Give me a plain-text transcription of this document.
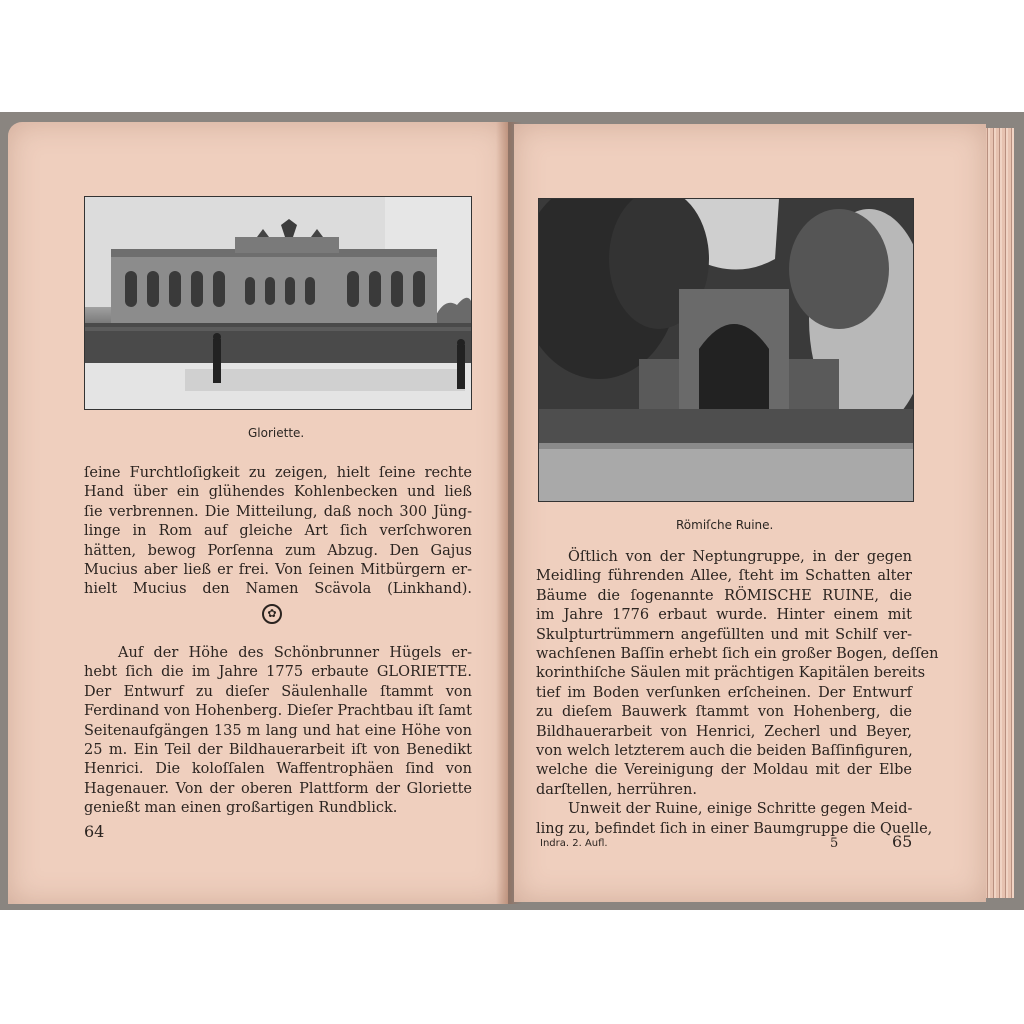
Gloriette.
ſeine Furchtloſigkeit zu zeigen, hielt ſeine rechte
Hand über ein glühendes Kohlenbecken und ließ
ſie verbrennen. Die Mitteilung, daß noch 300 Jüng-
linge in Rom auf gleiche Art ſich verſchworen
hätten, bewog Porſenna zum Abzug. Den Gajus
Mucius aber ließ er frei. Von ſeinen Mitbürgern er-
hielt Mucius den Namen Scävola (Linkhand).
✿
Auf der Höhe des Schönbrunner Hügels er-
hebt ſich die im Jahre 1775 erbaute GLORIETTE.
Der Entwurf zu dieſer Säulenhalle ſtammt von
Ferdinand von Hohenberg. Dieſer Prachtbau iſt ſamt
Seitenaufgängen 135 m lang und hat eine Höhe von
25 m. Ein Teil der Bildhauerarbeit iſt von Benedikt
Henrici. Die koloſſalen Waffentrophäen ſind von
Hagenauer. Von der oberen Plattform der Gloriette
genießt man einen großartigen Rundblick.
64
Römiſche Ruine.
Öſtlich von der Neptungruppe, in der gegen
Meidling führenden Allee, ſteht im Schatten alter
Bäume die ſogenannte RÖMISCHE RUINE, die
im Jahre 1776 erbaut wurde. Hinter einem mit
Skulpturtrümmern angefüllten und mit Schilf ver-
wachſenen Baſſin erhebt ſich ein großer Bogen, deſſen
korinthiſche Säulen mit prächtigen Kapitälen bereits
tief im Boden verſunken erſcheinen. Der Entwurf
zu dieſem Bauwerk ſtammt von Hohenberg, die
Bildhauerarbeit von Henrici, Zecherl und Beyer,
von welch letzterem auch die beiden Baſſinfiguren,
welche die Vereinigung der Moldau mit der Elbe
darſtellen, herrühren.
Unweit der Ruine, einige Schritte gegen Meid-
ling zu, befindet ſich in einer Baumgruppe die Quelle,
Indra. 2. Aufl.	5	65
